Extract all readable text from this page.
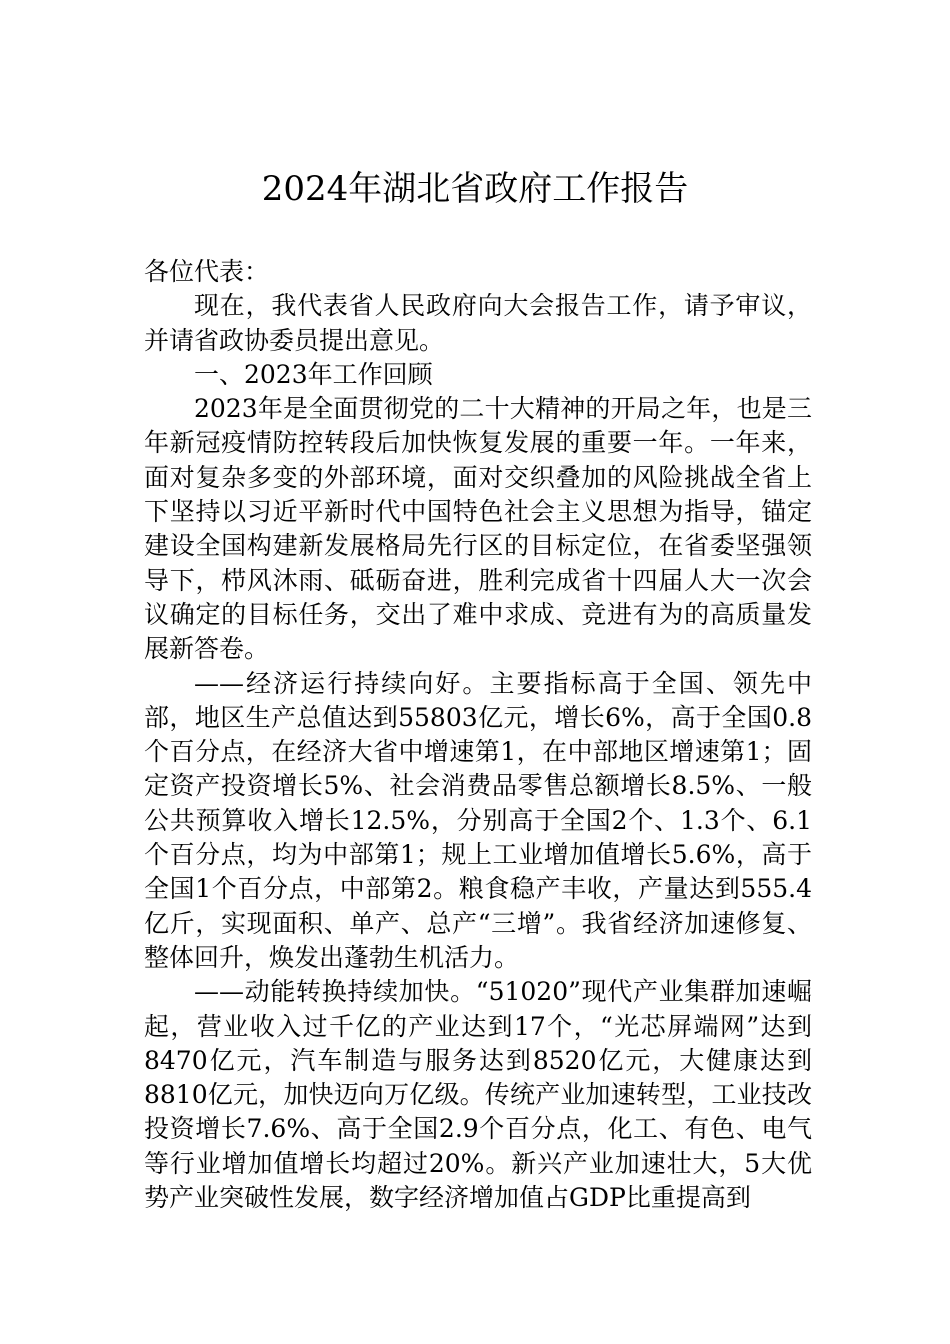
2024年湖北省政府工作报告

各位代表：

现在，我代表省人民政府向大会报告工作，请予审议，并请省政协委员提出意见。

一、2023年工作回顾

2023年是全面贯彻党的二十大精神的开局之年，也是三年新冠疫情防控转段后加快恢复发展的重要一年。一年来，面对复杂多变的外部环境，面对交织叠加的风险挑战全省上下坚持以习近平新时代中国特色社会主义思想为指导，锚定建设全国构建新发展格局先行区的目标定位，在省委坚强领导下，栉风沐雨、砥砺奋进，胜利完成省十四届人大一次会议确定的目标任务，交出了难中求成、竞进有为的高质量发展新答卷。

——经济运行持续向好。主要指标高于全国、领先中部，地区生产总值达到55803亿元，增长6%，高于全国0.8个百分点，在经济大省中增速第1，在中部地区增速第1；固定资产投资增长5%、社会消费品零售总额增长8.5%、一般公共预算收入增长12.5%，分别高于全国2个、1.3个、6.1个百分点，均为中部第1；规上工业增加值增长5.6%，高于全国1个百分点，中部第2。粮食稳产丰收，产量达到555.4亿斤，实现面积、单产、总产“三增”。我省经济加速修复、整体回升，焕发出蓬勃生机活力。

——动能转换持续加快。“51020”现代产业集群加速崛起，营业收入过千亿的产业达到17个，“光芯屏端网”达到8470亿元，汽车制造与服务达到8520亿元，大健康达到8810亿元，加快迈向万亿级。传统产业加速转型，工业技改投资增长7.6%、高于全国2.9个百分点，化工、有色、电气等行业增加值增长均超过20%。新兴产业加速壮大，5大优势产业突破性发展，数字经济增加值占GDP比重提高到
